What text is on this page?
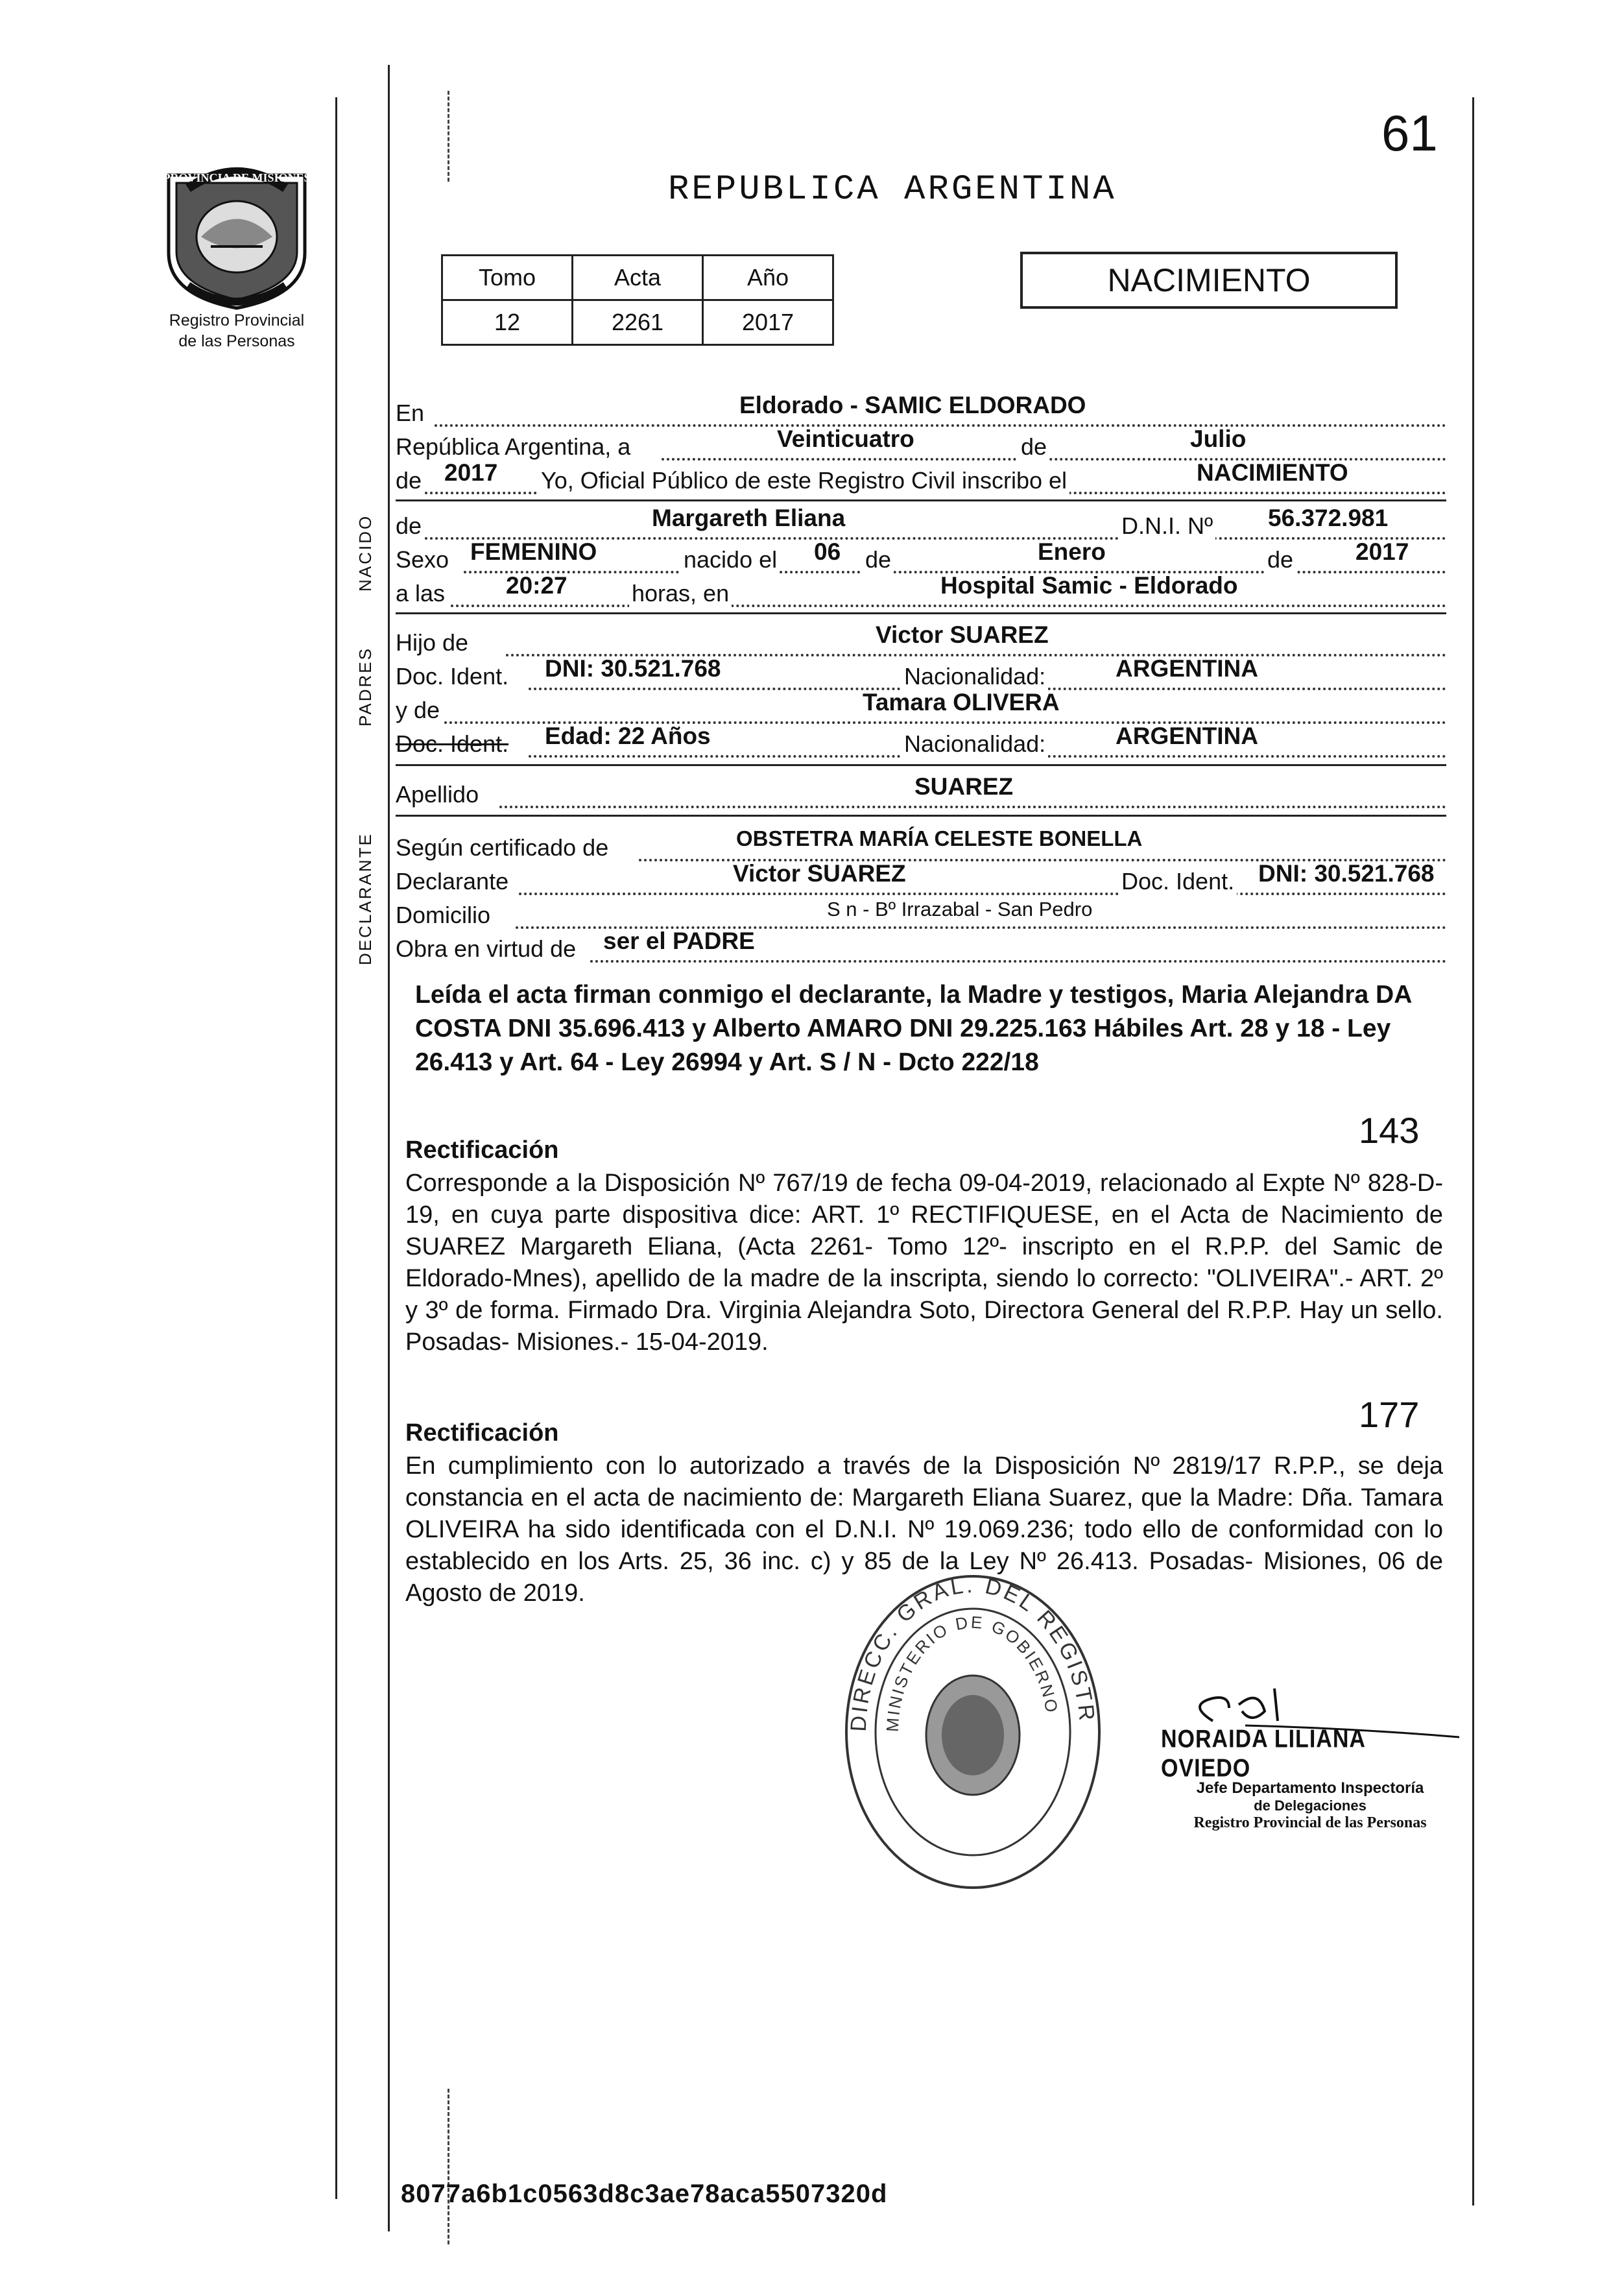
61
REPUBLICA ARGENTINA
PROVINCIA DE MISIONES
Registro Provincial
de las Personas
Tomo	Acta	Año
12	2261	2017
NACIMIENTO
NACIDO
PADRES
DECLARANTE
En	Eldorado - SAMIC ELDORADO
República Argentina, a	Veinticuatro	de	Julio
de 2017 Yo, Oficial Público de este Registro Civil inscribo el	NACIMIENTO
de	Margareth Eliana	D.N.I. Nº 56.372.981
Sexo FEMENINO	nacido el 06 de	Enero	de	2017
a las	20:27	horas, en	Hospital Samic - Eldorado
Hijo de	Victor SUAREZ
Doc. Ident. DNI: 30.521.768	Nacionalidad:	ARGENTINA
y de	Tamara OLIVERA
Doc. Ident. Edad: 22 Años	Nacionalidad:	ARGENTINA
Apellido	SUAREZ
Según certificado de	OBSTETRA MARÍA CELESTE BONELLA
Declarante	Victor SUAREZ	Doc. Ident. DNI: 30.521.768
Domicilio	S n - Bº Irrazabal - San Pedro
Obra en virtud de ser el PADRE
Leída el acta firman conmigo el declarante, la Madre y testigos, Maria Alejandra DA COSTA DNI 35.696.413 y Alberto AMARO DNI 29.225.163 Hábiles Art. 28 y 18 - Ley 26.413 y Art. 64 - Ley 26994 y Art. S / N - Dcto 222/18
143
Rectificación
Corresponde a la Disposición Nº 767/19 de fecha 09-04-2019, relacionado al Expte Nº 828-D-19, en cuya parte dispositiva dice: ART. 1º RECTIFIQUESE, en el Acta de Nacimiento de SUAREZ Margareth Eliana, (Acta 2261- Tomo 12º- inscripto en el R.P.P. del Samic de Eldorado-Mnes), apellido de la madre de la inscripta, siendo lo correcto: "OLIVEIRA".- ART. 2º y 3º de forma. Firmado Dra. Virginia Alejandra Soto, Directora General del R.P.P. Hay un sello. Posadas- Misiones.- 15-04-2019.
177
Rectificación
En cumplimiento con lo autorizado a través de la Disposición Nº 2819/17 R.P.P., se deja constancia en el acta de nacimiento de: Margareth Eliana Suarez, que la Madre: Dña. Tamara OLIVEIRA ha sido identificada con el D.N.I. Nº 19.069.236; todo ello de conformidad con lo establecido en los Arts. 25, 36 inc. c) y 85 de la Ley Nº 26.413. Posadas- Misiones, 06 de Agosto de 2019.
DIRECC. GRAL. DEL REGISTR
MINISTERIO DE GOBIERNO
NORAIDA LILIANA OVIEDO
Jefe Departamento Inspectoría
de Delegaciones
Registro Provincial de las Personas
8077a6b1c0563d8c3ae78aca5507320d
